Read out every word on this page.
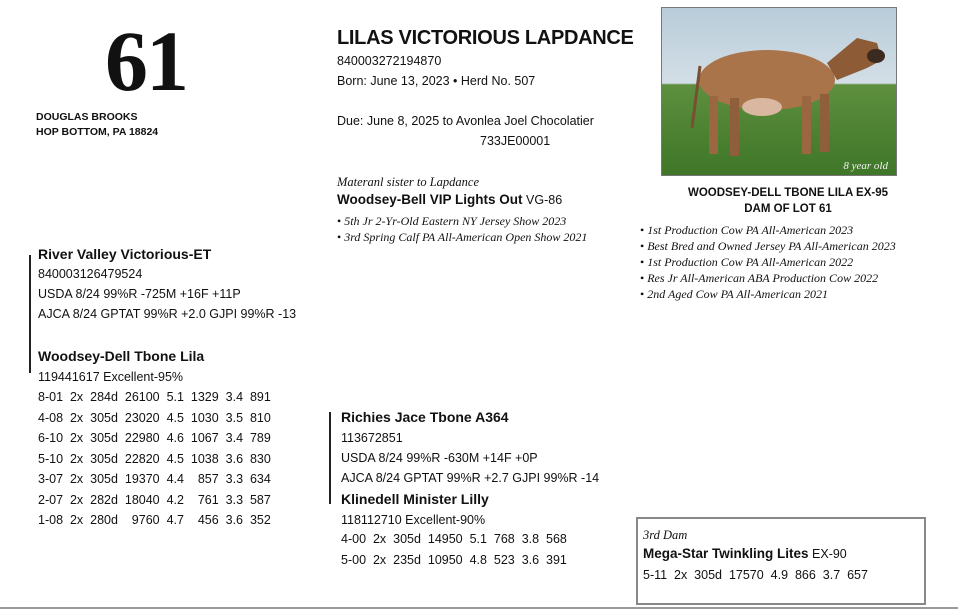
61
DOUGLAS BROOKS
HOP BOTTOM, PA 18824
LILAS VICTORIOUS LAPDANCE
840003272194870
Born: June 13, 2023 • Herd No. 507
Due: June 8, 2025 to Avonlea Joel Chocolatier
733JE00001
Materanl sister to Lapdance
Woodsey-Bell VIP Lights Out VG-86
• 5th Jr 2-Yr-Old Eastern NY Jersey Show 2023
• 3rd Spring Calf PA All-American Open Show 2021
8 year old
WOODSEY-DELL TBONE LILA EX-95
DAM OF LOT 61
• 1st Production Cow PA All-American 2023
• Best Bred and Owned Jersey PA All-American 2023
• 1st Production Cow PA All-American 2022
• Res Jr All-American ABA Production Cow 2022
• 2nd Aged Cow PA All-American 2021
River Valley Victorious-ET
840003126479524
USDA 8/24 99%R -725M +16F +11P
AJCA 8/24 GPTAT 99%R +2.0 GJPI 99%R -13
Woodsey-Dell Tbone Lila
119441617 Excellent-95%
8-01  2x  284d  26100  5.1  1329  3.4  891
4-08  2x  305d  23020  4.5  1030  3.5  810
6-10  2x  305d  22980  4.6  1067  3.4  789
5-10  2x  305d  22820  4.5  1038  3.6  830
3-07  2x  305d  19370  4.4    857  3.3  634
2-07  2x  282d  18040  4.2    761  3.3  587
1-08  2x  280d    9760  4.7    456  3.6  352
Richies Jace Tbone A364
113672851
USDA 8/24 99%R -630M +14F +0P
AJCA 8/24 GPTAT 99%R +2.7 GJPI 99%R -14
Klinedell Minister Lilly
118112710 Excellent-90%
4-00  2x  305d  14950  5.1  768  3.8  568
5-00  2x  235d  10950  4.8  523  3.6  391
3rd Dam
Mega-Star Twinkling Lites EX-90
5-11  2x  305d  17570  4.9  866  3.7  657
